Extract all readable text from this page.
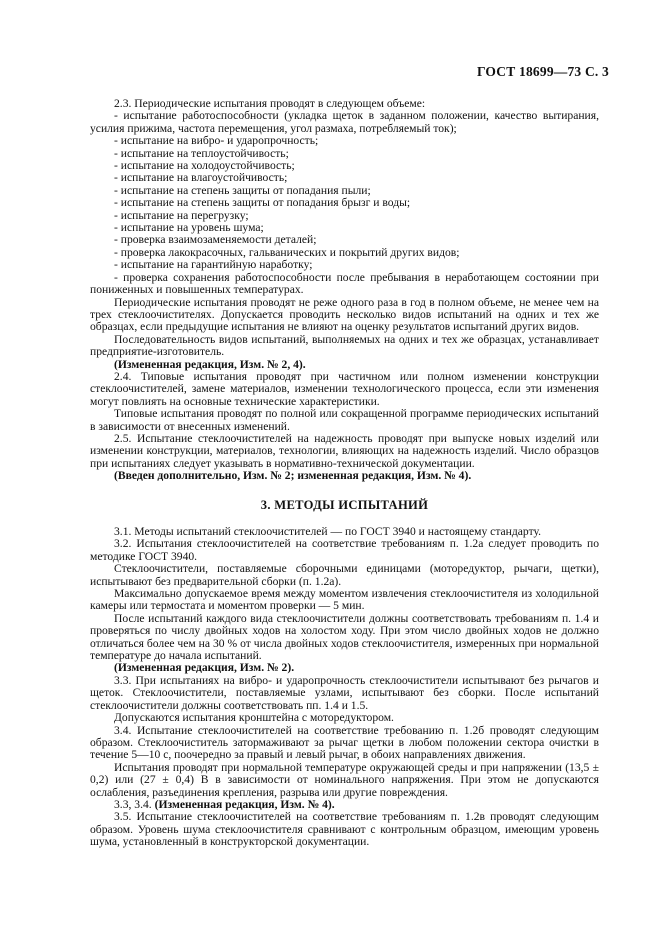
ГОСТ 18699—73 С. 3

2.3. Периодические испытания проводят в следующем объеме:

- испытание работоспособности (укладка щеток в заданном положении, качество вытирания, усилия прижима, частота перемещения, угол размаха, потребляемый ток);

- испытание на вибро- и ударопрочность;

- испытание на теплоустойчивость;

- испытание на холодоустойчивость;

- испытание на влагоустойчивость;

- испытание на степень защиты от попадания пыли;

- испытание на степень защиты от попадания брызг и воды;

- испытание на перегрузку;

- испытание на уровень шума;

- проверка взаимозаменяемости деталей;

- проверка лакокрасочных, гальванических и покрытий других видов;

- испытание на гарантийную наработку;

- проверка сохранения работоспособности после пребывания в неработающем состоянии при пониженных и повышенных температурах.

Периодические испытания проводят не реже одного раза в год в полном объеме, не менее чем на трех стеклоочистителях. Допускается проводить несколько видов испытаний на одних и тех же образцах, если предыдущие испытания не влияют на оценку результатов испытаний других видов.

Последовательность видов испытаний, выполняемых на одних и тех же образцах, устанавливает предприятие-изготовитель.

(Измененная редакция, Изм. № 2, 4).

2.4. Типовые испытания проводят при частичном или полном изменении конструкции стеклоочистителей, замене материалов, изменении технологического процесса, если эти изменения могут повлиять на основные технические характеристики.

Типовые испытания проводят по полной или сокращенной программе периодических испытаний в зависимости от внесенных изменений.

2.5. Испытание стеклоочистителей на надежность проводят при выпуске новых изделий или изменении конструкции, материалов, технологии, влияющих на надежность изделий. Число образцов при испытаниях следует указывать в нормативно-технической документации.

(Введен дополнительно, Изм. № 2; измененная редакция, Изм. № 4).

3. МЕТОДЫ ИСПЫТАНИЙ

3.1. Методы испытаний стеклоочистителей — по ГОСТ 3940 и настоящему стандарту.

3.2. Испытания стеклоочистителей на соответствие требованиям п. 1.2а следует проводить по методике ГОСТ 3940.

Стеклоочистители, поставляемые сборочными единицами (моторедуктор, рычаги, щетки), испытывают без предварительной сборки (п. 1.2а).

Максимально допускаемое время между моментом извлечения стеклоочистителя из холодильной камеры или термостата и моментом проверки — 5 мин.

После испытаний каждого вида стеклоочистители должны соответствовать требованиям п. 1.4 и проверяться по числу двойных ходов на холостом ходу. При этом число двойных ходов не должно отличаться более чем на 30 % от числа двойных ходов стеклоочистителя, измеренных при нормальной температуре до начала испытаний.

(Измененная редакция, Изм. № 2).

3.3. При испытаниях на вибро- и ударопрочность стеклоочистители испытывают без рычагов и щеток. Стеклоочистители, поставляемые узлами, испытывают без сборки. После испытаний стеклоочистители должны соответствовать пп. 1.4 и 1.5.

Допускаются испытания кронштейна с моторедуктором.

3.4. Испытание стеклоочистителей на соответствие требованию п. 1.2б проводят следующим образом. Стеклоочиститель затормаживают за рычаг щетки в любом положении сектора очистки в течение 5—10 с, поочередно за правый и левый рычаг, в обоих направлениях движения.

Испытания проводят при нормальной температуре окружающей среды и при напряжении (13,5 ± 0,2) или (27 ± 0,4) В в зависимости от номинального напряжения. При этом не допускаются ослабления, разъединения крепления, разрыва или другие повреждения.

3.3, 3.4. (Измененная редакция, Изм. № 4).

3.5. Испытание стеклоочистителей на соответствие требованиям п. 1.2в проводят следующим образом. Уровень шума стеклоочистителя сравнивают с контрольным образцом, имеющим уровень шума, установленный в конструкторской документации.
